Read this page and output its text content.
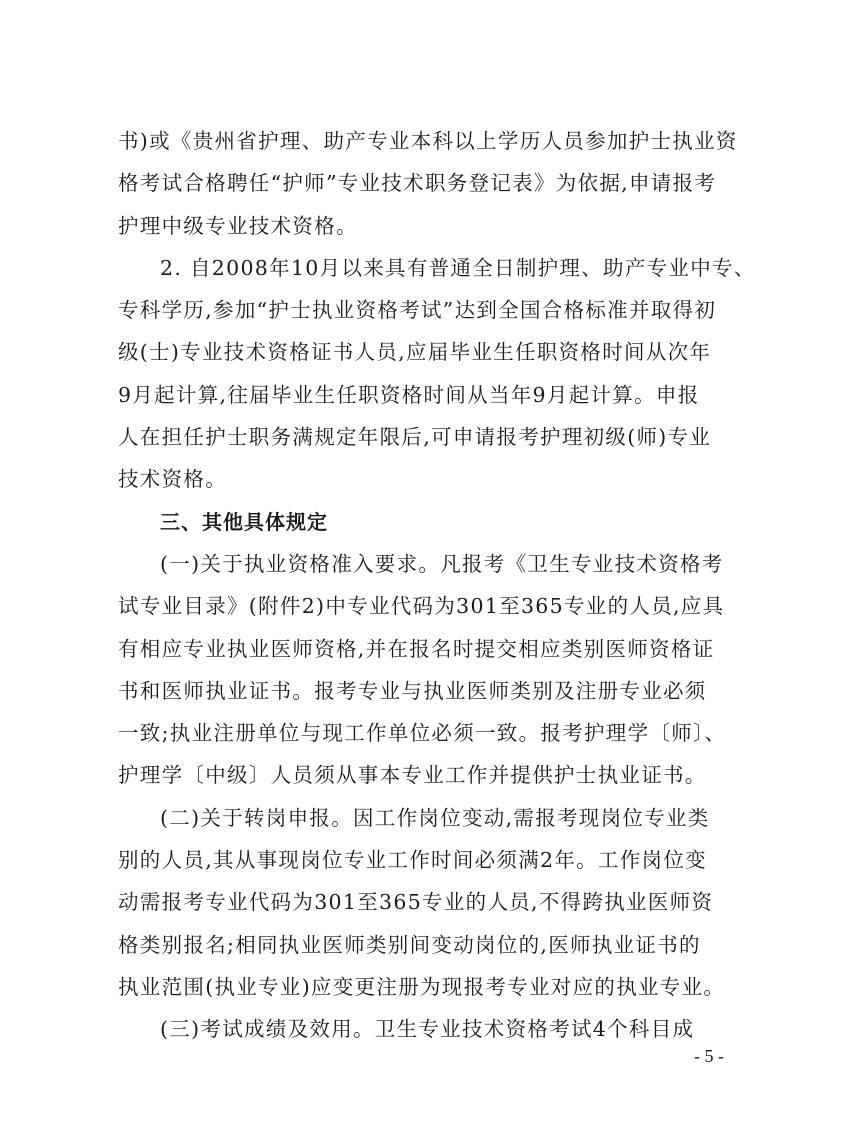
书)或《贵州省护理、助产专业本科以上学历人员参加护士执业资
格考试合格聘任“护师”专业技术职务登记表》为依据,申请报考
护理中级专业技术资格。
2. 自2008年10月以来具有普通全日制护理、助产专业中专、
专科学历,参加“护士执业资格考试”达到全国合格标准并取得初
级(士)专业技术资格证书人员,应届毕业生任职资格时间从次年
9月起计算,往届毕业生任职资格时间从当年9月起计算。申报
人在担任护士职务满规定年限后,可申请报考护理初级(师)专业
技术资格。
三、其他具体规定
(一)关于执业资格准入要求。凡报考《卫生专业技术资格考
试专业目录》(附件2)中专业代码为301至365专业的人员,应具
有相应专业执业医师资格,并在报名时提交相应类别医师资格证
书和医师执业证书。报考专业与执业医师类别及注册专业必须
一致;执业注册单位与现工作单位必须一致。报考护理学〔师〕、
护理学〔中级〕人员须从事本专业工作并提供护士执业证书。
(二)关于转岗申报。因工作岗位变动,需报考现岗位专业类
别的人员,其从事现岗位专业工作时间必须满2年。工作岗位变
动需报考专业代码为301至365专业的人员,不得跨执业医师资
格类别报名;相同执业医师类别间变动岗位的,医师执业证书的
执业范围(执业专业)应变更注册为现报考专业对应的执业专业。
(三)考试成绩及效用。卫生专业技术资格考试4个科目成
- 5 -
